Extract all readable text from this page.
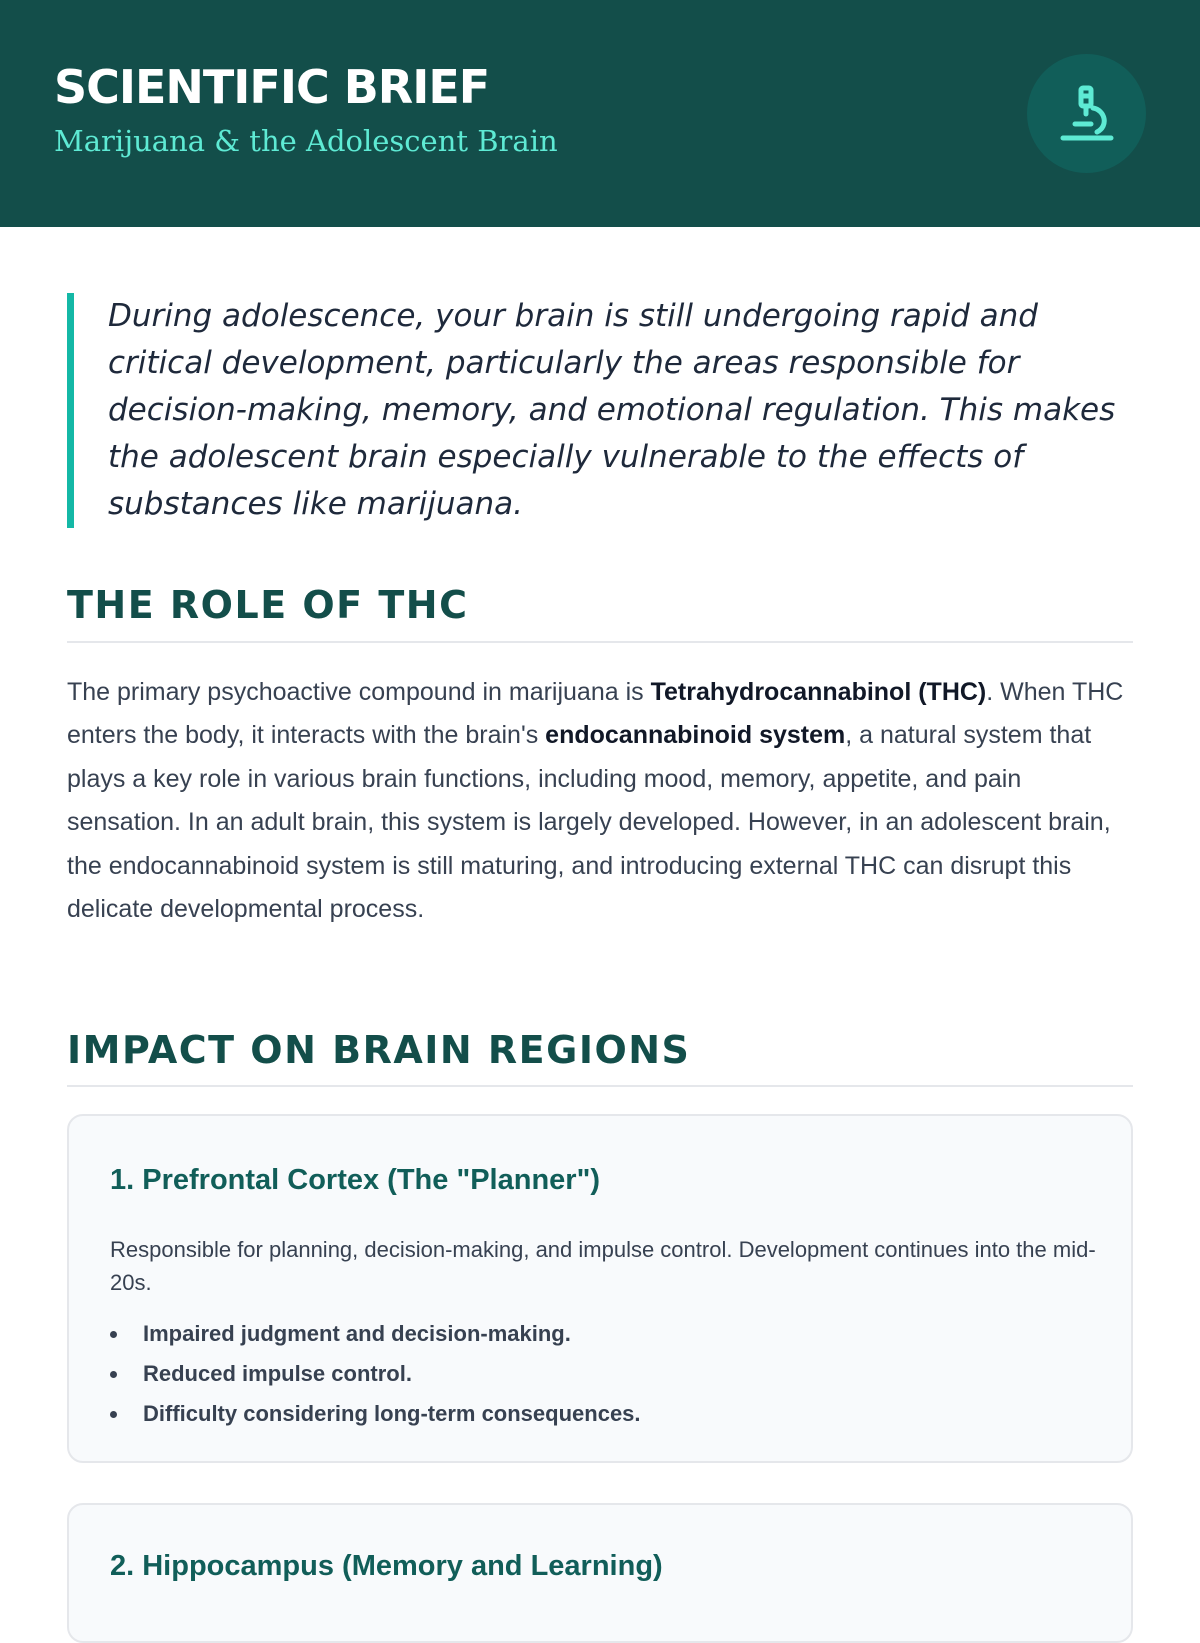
SCIENTIFIC BRIEF
Marijuana & the Adolescent Brain
During adolescence, your brain is still undergoing rapid and critical development, particularly the areas responsible for decision-making, memory, and emotional regulation. This makes the adolescent brain especially vulnerable to the effects of substances like marijuana.
THE ROLE OF THC
The primary psychoactive compound in marijuana is Tetrahydrocannabinol (THC). When THC enters the body, it interacts with the brain's endocannabinoid system, a natural system that plays a key role in various brain functions, including mood, memory, appetite, and pain sensation. In an adult brain, this system is largely developed. However, in an adolescent brain, the endocannabinoid system is still maturing, and introducing external THC can disrupt this delicate developmental process.
IMPACT ON BRAIN REGIONS
1. Prefrontal Cortex (The "Planner")
Responsible for planning, decision-making, and impulse control. Development continues into the mid-20s.
Impaired judgment and decision-making.
Reduced impulse control.
Difficulty considering long-term consequences.
2. Hippocampus (Memory and Learning)
